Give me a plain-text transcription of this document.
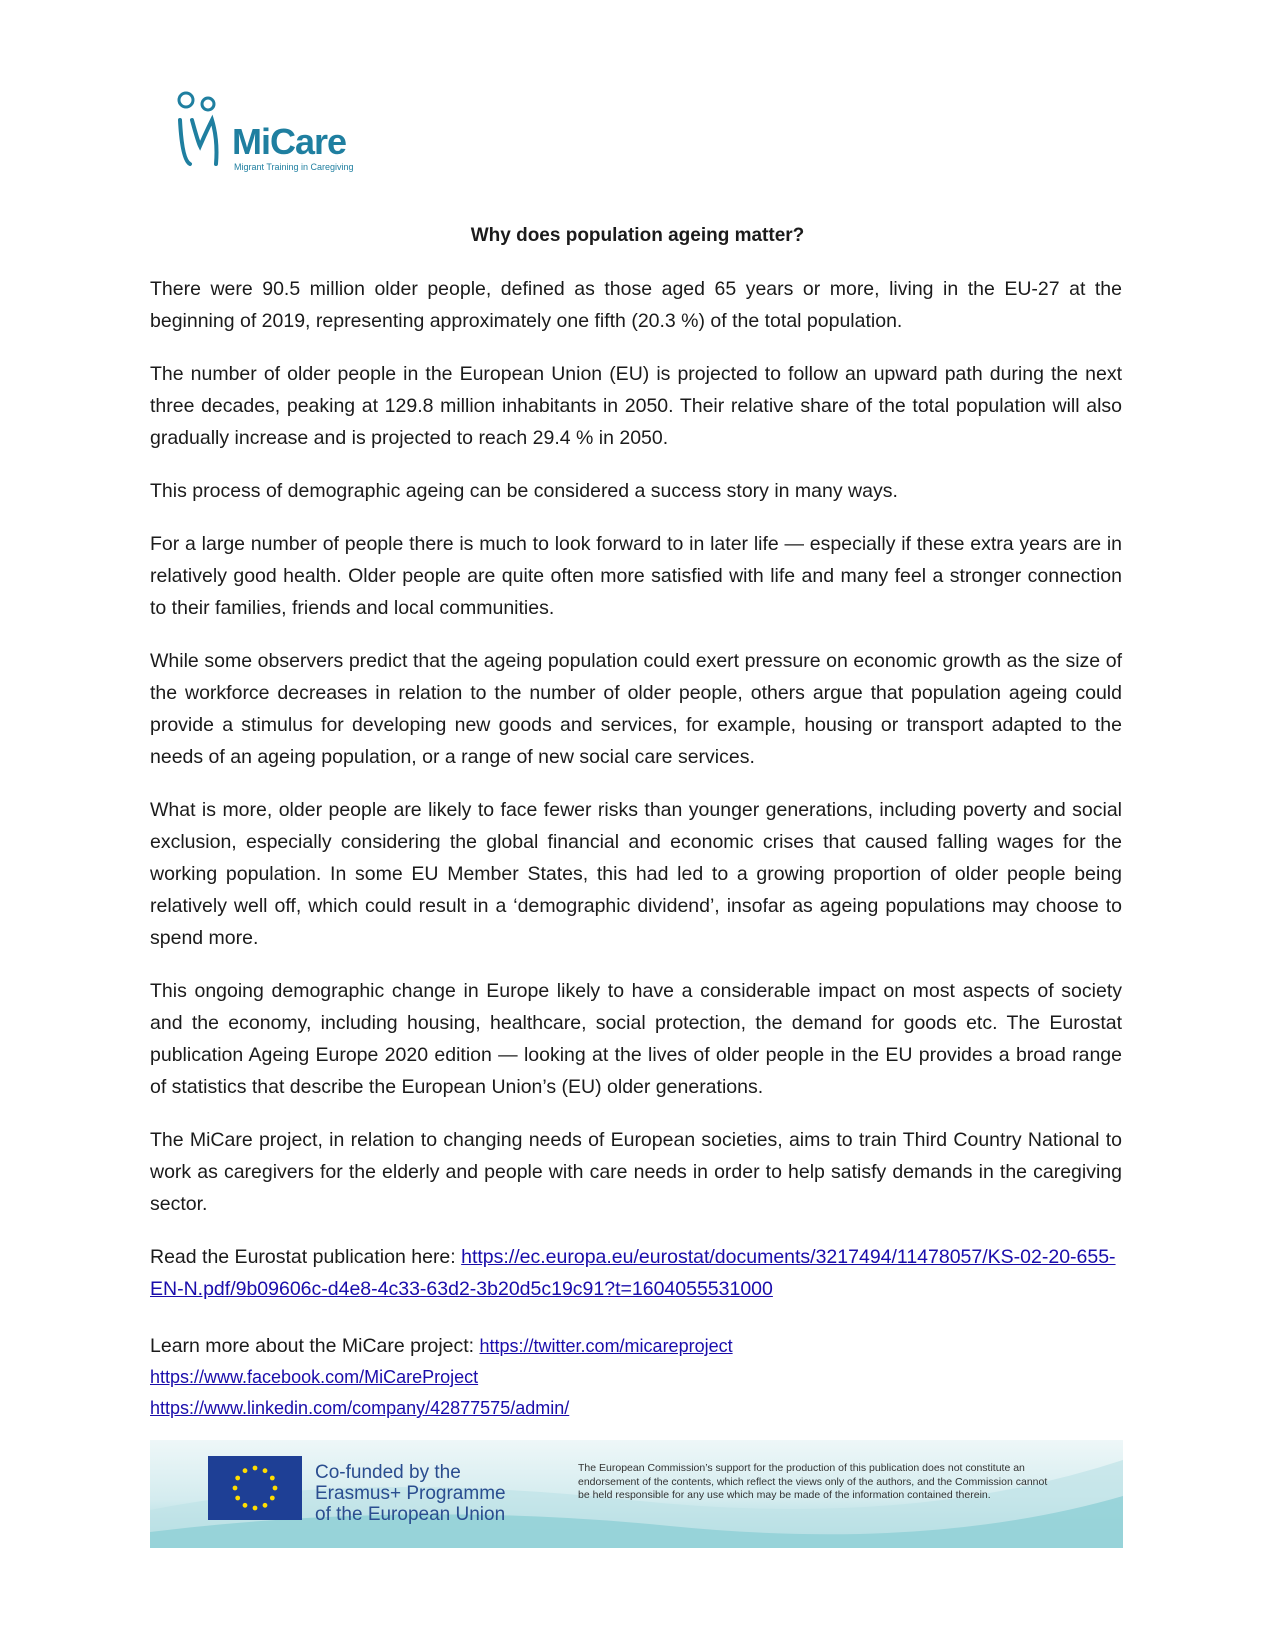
MiCare
Migrant Training in Caregiving
Why does population ageing matter?

There were 90.5 million older people, defined as those aged 65 years or more, living in the EU-27 at the beginning of 2019, representing approximately one fifth (20.3 %) of the total population.

The number of older people in the European Union (EU) is projected to follow an upward path during the next three decades, peaking at 129.8 million inhabitants in 2050. Their relative share of the total population will also gradually increase and is projected to reach 29.4 % in 2050.

This process of demographic ageing can be considered a success story in many ways.

For a large number of people there is much to look forward to in later life — especially if these extra years are in relatively good health. Older people are quite often more satisfied with life and many feel a stronger connection to their families, friends and local communities.

While some observers predict that the ageing population could exert pressure on economic growth as the size of the workforce decreases in relation to the number of older people, others argue that population ageing could provide a stimulus for developing new goods and services, for example, housing or transport adapted to the needs of an ageing population, or a range of new social care services.

What is more, older people are likely to face fewer risks than younger generations, including poverty and social exclusion, especially considering the global financial and economic crises that caused falling wages for the working population. In some EU Member States, this had led to a growing proportion of older people being relatively well off, which could result in a ‘demographic dividend’, insofar as ageing populations may choose to spend more.

This ongoing demographic change in Europe likely to have a considerable impact on most aspects of society and the economy, including housing, healthcare, social protection, the demand for goods etc. The Eurostat publication Ageing Europe 2020 edition — looking at the lives of older people in the EU provides a broad range of statistics that describe the European Union’s (EU) older generations.

The MiCare project, in relation to changing needs of European societies, aims to train Third Country National to work as caregivers for the elderly and people with care needs in order to help satisfy demands in the caregiving sector.

Read the Eurostat publication here: https://ec.europa.eu/eurostat/documents/3217494/11478057/KS-02-20-655-EN-N.pdf/9b09606c-d4e8-4c33-63d2-3b20d5c19c91?t=1604055531000

Learn more about the MiCare project: https://twitter.com/micareproject
https://www.facebook.com/MiCareProject
https://www.linkedin.com/company/42877575/admin/
Co-funded by the
Erasmus+ Programme
of the European Union
The European Commission’s support for the production of this publication does not constitute an endorsement of the contents, which reflect the views only of the authors, and the Commission cannot be held responsible for any use which may be made of the information contained therein.
